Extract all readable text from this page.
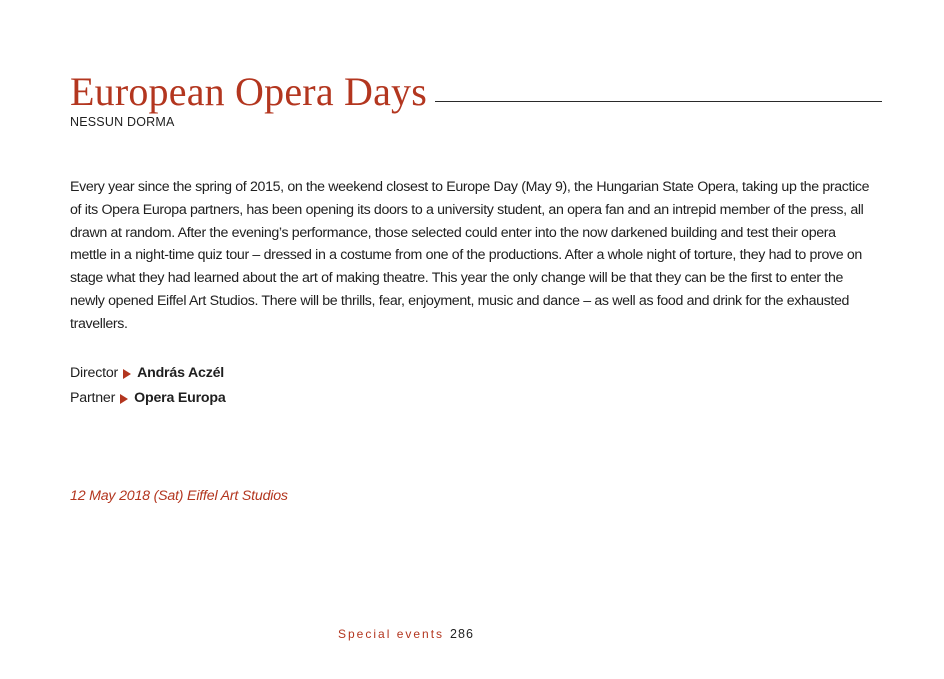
European Opera Days
NESSUN DORMA

Every year since the spring of 2015, on the weekend closest to Europe Day (May 9), the Hungarian State Opera, taking up the practice of its Opera Europa partners, has been opening its doors to a university student, an opera fan and an intrepid member of the press, all drawn at random. After the evening’s performance, those selected could enter into the now darkened building and test their opera mettle in a night-time quiz tour – dressed in a costume from one of the productions. After a whole night of torture, they had to prove on stage what they had learned about the art of making theatre. This year the only change will be that they can be the first to enter the newly opened Eiffel Art Studios. There will be thrills, fear, enjoyment, music and dance – as well as food and drink for the exhausted travellers.

Director András Aczél
Partner Opera Europa
12 May 2018 (Sat) Eiffel Art Studios
Special events 286
